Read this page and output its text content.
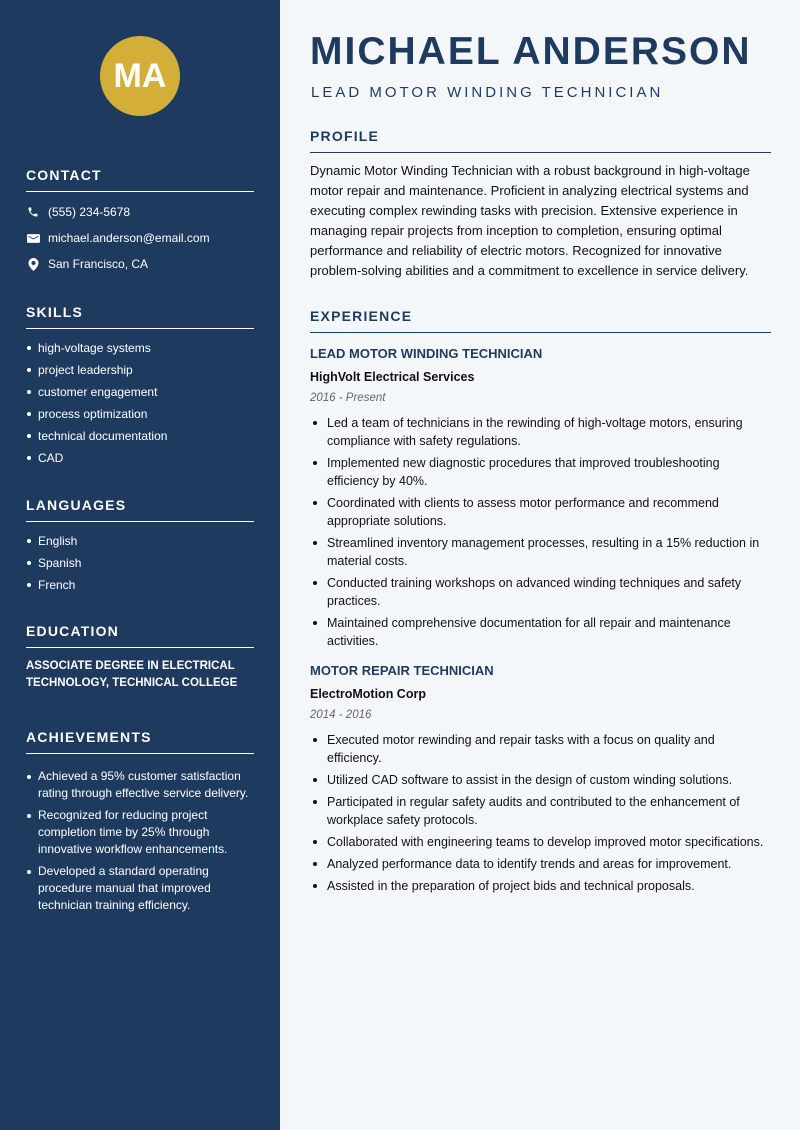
MA
CONTACT
(555) 234-5678
michael.anderson@email.com
San Francisco, CA
SKILLS
high-voltage systems
project leadership
customer engagement
process optimization
technical documentation
CAD
LANGUAGES
English
Spanish
French
EDUCATION
ASSOCIATE DEGREE IN ELECTRICAL TECHNOLOGY, TECHNICAL COLLEGE
ACHIEVEMENTS
Achieved a 95% customer satisfaction rating through effective service delivery.
Recognized for reducing project completion time by 25% through innovative workflow enhancements.
Developed a standard operating procedure manual that improved technician training efficiency.
MICHAEL ANDERSON
LEAD MOTOR WINDING TECHNICIAN
PROFILE

Dynamic Motor Winding Technician with a robust background in high-voltage motor repair and maintenance. Proficient in analyzing electrical systems and executing complex rewinding tasks with precision. Extensive experience in managing repair projects from inception to completion, ensuring optimal performance and reliability of electric motors. Recognized for innovative problem-solving abilities and a commitment to excellence in service delivery.

EXPERIENCE
LEAD MOTOR WINDING TECHNICIAN
HighVolt Electrical Services
2016 - Present
Led a team of technicians in the rewinding of high-voltage motors, ensuring compliance with safety regulations.
Implemented new diagnostic procedures that improved troubleshooting efficiency by 40%.
Coordinated with clients to assess motor performance and recommend appropriate solutions.
Streamlined inventory management processes, resulting in a 15% reduction in material costs.
Conducted training workshops on advanced winding techniques and safety practices.
Maintained comprehensive documentation for all repair and maintenance activities.
MOTOR REPAIR TECHNICIAN
ElectroMotion Corp
2014 - 2016
Executed motor rewinding and repair tasks with a focus on quality and efficiency.
Utilized CAD software to assist in the design of custom winding solutions.
Participated in regular safety audits and contributed to the enhancement of workplace safety protocols.
Collaborated with engineering teams to develop improved motor specifications.
Analyzed performance data to identify trends and areas for improvement.
Assisted in the preparation of project bids and technical proposals.
